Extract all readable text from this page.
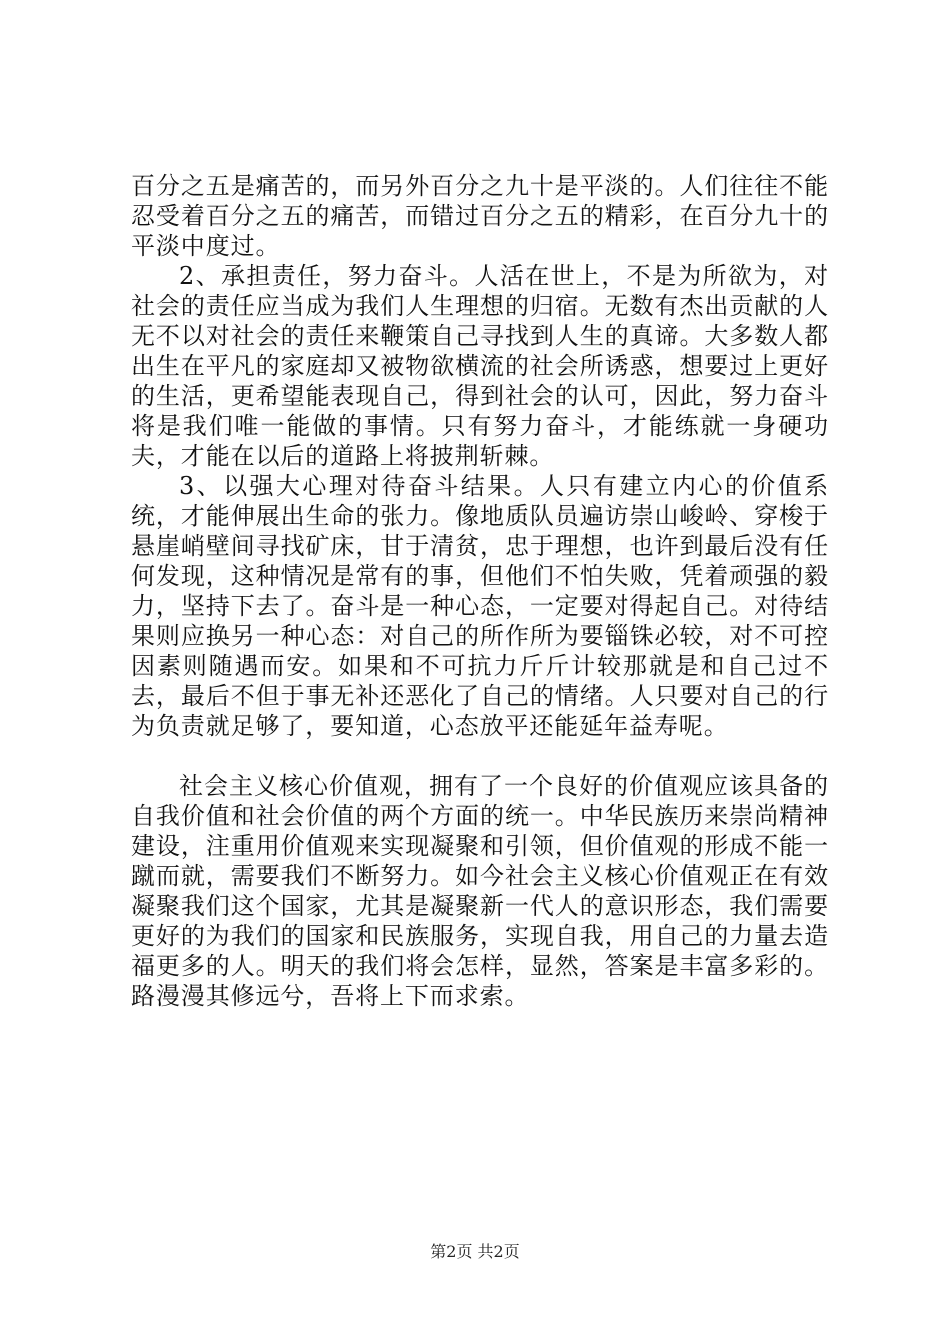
百分之五是痛苦的，而另外百分之九十是平淡的。人们往往不能忍受着百分之五的痛苦，而错过百分之五的精彩，在百分九十的平淡中度过。

2、承担责任，努力奋斗。人活在世上，不是为所欲为，对社会的责任应当成为我们人生理想的归宿。无数有杰出贡献的人无不以对社会的责任来鞭策自己寻找到人生的真谛。大多数人都出生在平凡的家庭却又被物欲横流的社会所诱惑，想要过上更好的生活，更希望能表现自己，得到社会的认可，因此，努力奋斗将是我们唯一能做的事情。只有努力奋斗，才能练就一身硬功夫，才能在以后的道路上将披荆斩棘。

3、以强大心理对待奋斗结果。人只有建立内心的价值系统，才能伸展出生命的张力。像地质队员遍访崇山峻岭、穿梭于悬崖峭壁间寻找矿床，甘于清贫，忠于理想，也许到最后没有任何发现，这种情况是常有的事，但他们不怕失败，凭着顽强的毅力，坚持下去了。奋斗是一种心态，一定要对得起自己。对待结果则应换另一种心态：对自己的所作所为要锱铢必较，对不可控因素则随遇而安。如果和不可抗力斤斤计较那就是和自己过不去，最后不但于事无补还恶化了自己的情绪。人只要对自己的行为负责就足够了，要知道，心态放平还能延年益寿呢。

社会主义核心价值观，拥有了一个良好的价值观应该具备的自我价值和社会价值的两个方面的统一。中华民族历来崇尚精神建设，注重用价值观来实现凝聚和引领，但价值观的形成不能一蹴而就，需要我们不断努力。如今社会主义核心价值观正在有效凝聚我们这个国家，尤其是凝聚新一代人的意识形态，我们需要更好的为我们的国家和民族服务，实现自我，用自己的力量去造福更多的人。明天的我们将会怎样，显然，答案是丰富多彩的。路漫漫其修远兮，吾将上下而求索。

第2页 共2页
